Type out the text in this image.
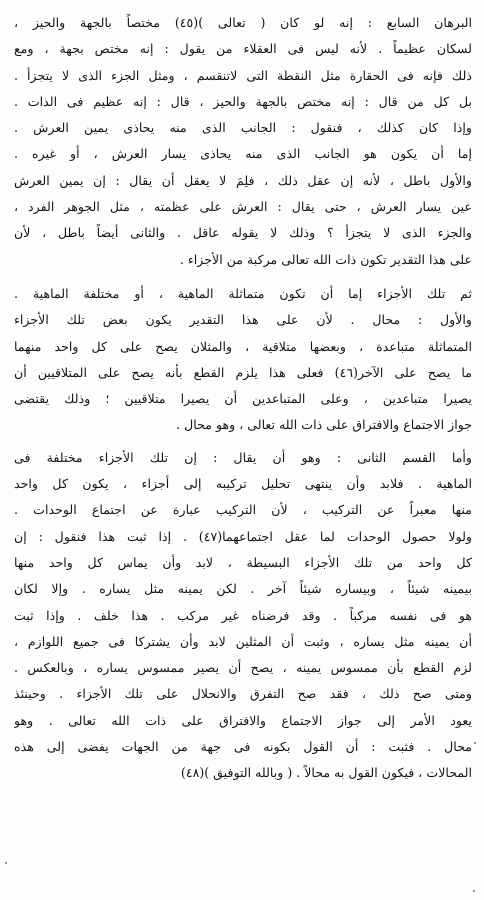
البرهان السابع : إنه لو كان ( تعالى )(٤٥) مختصاً بالجهة والحيز ،
لسكان عظيماً . لأنه ليس فى العقلاء من يقول : إنه مختص بجهة ، ومع
ذلك فإنه فى الحقارة مثل النقطة التى لاتنقسم ، ومثل الجزء الذى لا يتجزأ .
بل كل من قال : إنه مختص بالجهة والحيز ، قال : إنه عظيم فى الذات .
وإذا كان كذلك ، فنقول : الجانب الذى منه يحاذى يمين العرش .
إما أن يكون هو الجانب الذى منه يحاذى يسار العرش ، أو غيره .
والأول باطل ، لأنه إن عقل ذلك ، فلِمَ لا يعقل أن يقال : إن يمين العرش
عين يسار العرش ، حتى يقال : العرش على عظمته ، مثل الجوهر الفرد ،
والجزء الذى لا يتجزأ ؟ وذلك لا يقوله عاقل . والثانى أيضاً باطل ، لأن
على هذا التقدير تكون ذات الله تعالى مركبة من الأجزاء .

ثم تلك الأجزاء إما أن تكون متماثلة الماهية ، أو مختلفة الماهية .
والأول : محال . لأن على هذا التقدير يكون بعض تلك الأجزاء
المتماثلة متباعدة ، وبعضها متلاقية ، والمثلان يصح على كل واحد منهما
ما يصح على الآخر(٤٦) فعلى هذا يلزم القطع بأنه يصح على المتلاقيين أن
يصيرا متباعدين ، وعلى المتباعدين أن يصيرا متلاقيين ؛ وذلك يقتضى
جواز الاجتماع والافتراق على ذات الله تعالى ، وهو محال .

وأما القسم الثانى : وهو أن يقال : إن تلك الأجزاء مختلفة فى
الماهية . فلابد وأن ينتهى تحليل تركيبه إلى أجزاء ، يكون كل واحد
منها معبراً عن التركيب ، لأن التركيب عبارة عن اجتماع الوحدات .
ولولا حصول الوحدات لما عقل اجتماعهما(٤٧) . إذا ثبت هذا فنقول : إن
كل واحد من تلك الأجزاء البسيطة ، لابد وأن يماس كل واحد منها
بيمينه شيئاً ، وبيساره شيئاً آخر . لكن يمينه مثل يساره . وإلا لكان
هو فى نفسه مركباً . وقد فرضناه غير مركب . هذا خلف . وإذا ثبت
أن يمينه مثل يساره ، وثبت أن المثلين لابد وأن يشتركا فى جميع اللوازم ،
لزم القطع بأن ممسوس يمينه ، يصح أن يصير ممسوس يساره ، وبالعكس .
ومتى صح ذلك ، فقد صح التفرق والانحلال على تلك الأجزاء . وحينئذ
يعود الأمر إلى جواز الاجتماع والافتراق على ذات الله تعالى . وهو
محال . فثبت : أن القول بكونه فى جهة من الجهات يفضى إلى هذه
المحالات ، فيكون القول به محالاً . ( وبالله التوفيق )(٤٨)
